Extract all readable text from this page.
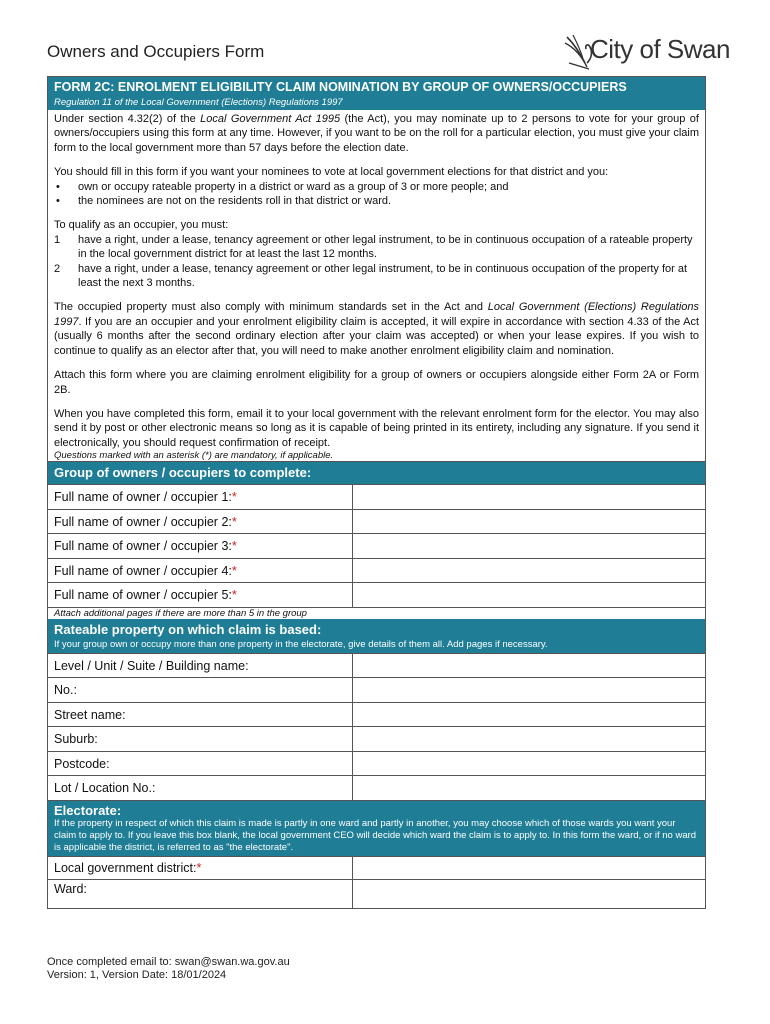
Owners and Occupiers Form	City of Swan
FORM 2C: ENROLMENT ELIGIBILITY CLAIM NOMINATION BY GROUP OF OWNERS/OCCUPIERS
Regulation 11 of the Local Government (Elections) Regulations 1997

Under section 4.32(2) of the Local Government Act 1995 (the Act), you may nominate up to 2 persons to vote for your group of owners/occupiers using this form at any time. However, if you want to be on the roll for a particular election, you must give your claim form to the local government more than 57 days before the election date.

You should fill in this form if you want your nominees to vote at local government elections for that district and you:
• own or occupy rateable property in a district or ward as a group of 3 or more people; and
• the nominees are not on the residents roll in that district or ward.
To qualify as an occupier, you must:
1 have a right, under a lease, tenancy agreement or other legal instrument, to be in continuous occupation of a rateable property in the local government district for at least the last 12 months.
2 have a right, under a lease, tenancy agreement or other legal instrument, to be in continuous occupation of the property for at least the next 3 months.

The occupied property must also comply with minimum standards set in the Act and Local Government (Elections) Regulations 1997. If you are an occupier and your enrolment eligibility claim is accepted, it will expire in accordance with section 4.33 of the Act (usually 6 months after the second ordinary election after your claim was accepted) or when your lease expires. If you wish to continue to qualify as an elector after that, you will need to make another enrolment eligibility claim and nomination.

Attach this form where you are claiming enrolment eligibility for a group of owners or occupiers alongside either Form 2A or Form 2B.

When you have completed this form, email it to your local government with the relevant enrolment form for the elector. You may also send it by post or other electronic means so long as it is capable of being printed in its entirety, including any signature. If you send it electronically, you should request confirmation of receipt.

Questions marked with an asterisk (*) are mandatory, if applicable.
Group of owners / occupiers to complete:
Full name of owner / occupier 1:*
Full name of owner / occupier 2:*
Full name of owner / occupier 3:*
Full name of owner / occupier 4:*
Full name of owner / occupier 5:*
Attach additional pages if there are more than 5 in the group
Rateable property on which claim is based:
If your group own or occupy more than one property in the electorate, give details of them all. Add pages if necessary.
Level / Unit / Suite / Building name:
No.:
Street name:
Suburb:
Postcode:
Lot / Location No.:
Electorate:
If the property in respect of which this claim is made is partly in one ward and partly in another, you may choose which of those wards you want your claim to apply to. If you leave this box blank, the local government CEO will decide which ward the claim is to apply to. In this form the ward, or if no ward is applicable the district, is referred to as "the electorate".
Local government district:*
Ward:
Once completed email to: swan@swan.wa.gov.au
Version: 1, Version Date: 18/01/2024
